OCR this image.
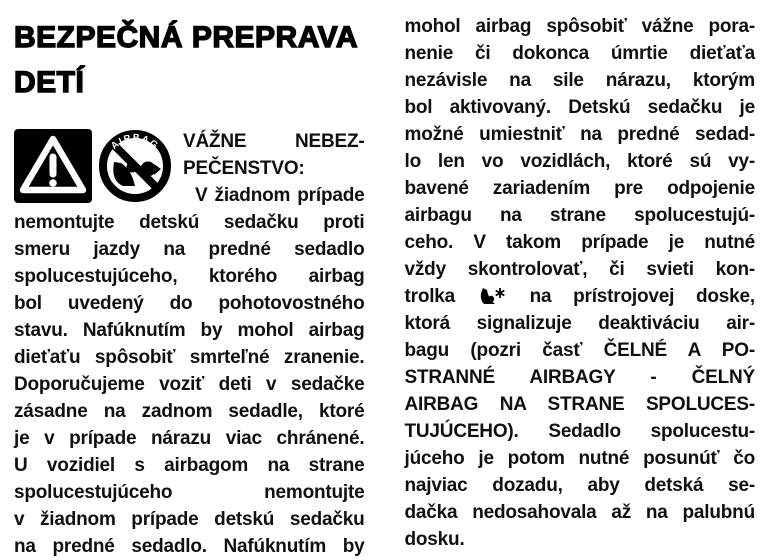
BEZPEČNÁ PREPRAVA
DETÍ
AIRBAG	VÁŽNE NEBEZ-
PEČENSTVO:
V žiadnom prípade
nemontujte detskú sedačku proti
smeru jazdy na predné sedadlo
spolucestujúceho, ktorého airbag
bol uvedený do pohotovostného
stavu. Nafúknutím by mohol airbag
dieťaťu spôsobiť smrteľné zranenie.
Doporučujeme voziť deti v sedačke
zásadne na zadnom sedadle, ktoré
je v prípade nárazu viac chránené.
U vozidiel s airbagom na strane
spolucestujúceho nemontujte
v žiadnom prípade detskú sedačku
na predné sedadlo. Nafúknutím by
mohol airbag spôsobiť vážne pora-
nenie či dokonca úmrtie dieťaťa
nezávisle na sile nárazu, ktorým
bol aktivovaný. Detskú sedačku je
možné umiestniť na predné sedad-
lo len vo vozidlách, ktoré sú vy-
bavené zariadením pre odpojenie
airbagu na strane spolucestujú-
ceho. V takom prípade je nutné
vždy skontrolovať, či svieti kon-
trolka	na prístrojovej doske,
ktorá signalizuje deaktiváciu air-
bagu (pozri časť ČELNÉ A PO-
STRANNÉ AIRBAGY - ČELNÝ
AIRBAG NA STRANE SPOLUCES-
TUJÚCEHO). Sedadlo spolucestu-
júceho je potom nutné posunúť čo
najviac dozadu, aby detská se-
dačka nedosahovala až na palubnú
dosku.
